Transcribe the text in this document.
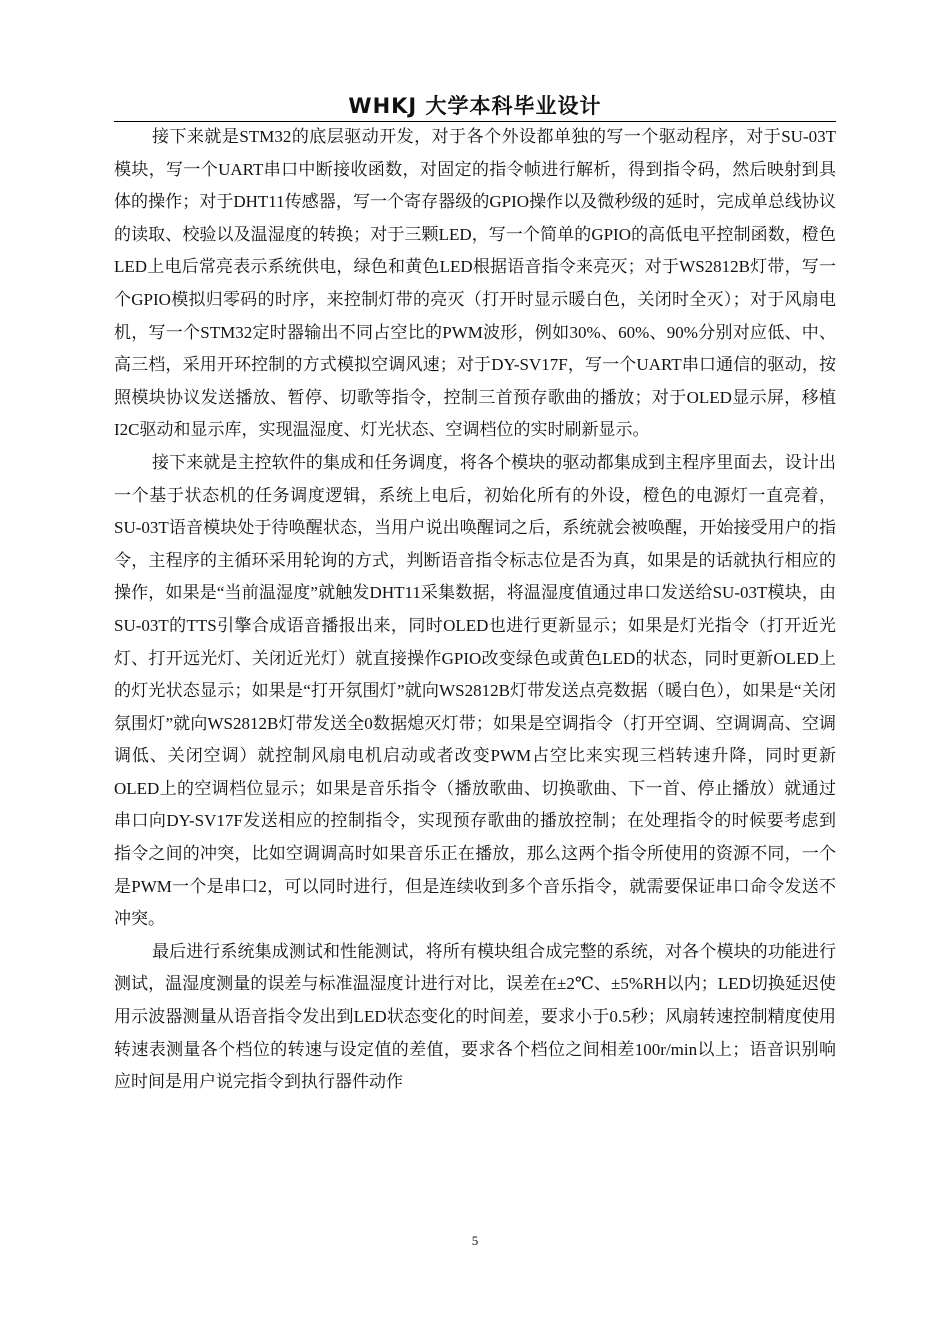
WHKJ 大学本科毕业设计

接下来就是STM32的底层驱动开发，对于各个外设都单独的写一个驱动程序，对于SU-03T模块，写一个UART串口中断接收函数，对固定的指令帧进行解析，得到指令码，然后映射到具体的操作；对于DHT11传感器，写一个寄存器级的GPIO操作以及微秒级的延时，完成单总线协议的读取、校验以及温湿度的转换；对于三颗LED，写一个简单的GPIO的高低电平控制函数，橙色LED上电后常亮表示系统供电，绿色和黄色LED根据语音指令来亮灭；对于WS2812B灯带，写一个GPIO模拟归零码的时序，来控制灯带的亮灭（打开时显示暖白色，关闭时全灭）；对于风扇电机，写一个STM32定时器输出不同占空比的PWM波形，例如30%、60%、90%分别对应低、中、高三档，采用开环控制的方式模拟空调风速；对于DY-SV17F，写一个UART串口通信的驱动，按照模块协议发送播放、暂停、切歌等指令，控制三首预存歌曲的播放；对于OLED显示屏，移植I2C驱动和显示库，实现温湿度、灯光状态、空调档位的实时刷新显示。

接下来就是主控软件的集成和任务调度，将各个模块的驱动都集成到主程序里面去，设计出一个基于状态机的任务调度逻辑，系统上电后，初始化所有的外设，橙色的电源灯一直亮着，SU-03T语音模块处于待唤醒状态，当用户说出唤醒词之后，系统就会被唤醒，开始接受用户的指令，主程序的主循环采用轮询的方式，判断语音指令标志位是否为真，如果是的话就执行相应的操作，如果是“当前温湿度”就触发DHT11采集数据，将温湿度值通过串口发送给SU-03T模块，由SU-03T的TTS引擎合成语音播报出来，同时OLED也进行更新显示；如果是灯光指令（打开近光灯、打开远光灯、关闭近光灯）就直接操作GPIO改变绿色或黄色LED的状态，同时更新OLED上的灯光状态显示；如果是“打开氛围灯”就向WS2812B灯带发送点亮数据（暖白色），如果是“关闭氛围灯”就向WS2812B灯带发送全0数据熄灭灯带；如果是空调指令（打开空调、空调调高、空调调低、关闭空调）就控制风扇电机启动或者改变PWM占空比来实现三档转速升降，同时更新OLED上的空调档位显示；如果是音乐指令（播放歌曲、切换歌曲、下一首、停止播放）就通过串口向DY-SV17F发送相应的控制指令，实现预存歌曲的播放控制；在处理指令的时候要考虑到指令之间的冲突，比如空调调高时如果音乐正在播放，那么这两个指令所使用的资源不同，一个是PWM一个是串口2，可以同时进行，但是连续收到多个音乐指令，就需要保证串口命令发送不冲突。

最后进行系统集成测试和性能测试，将所有模块组合成完整的系统，对各个模块的功能进行测试，温湿度测量的误差与标准温湿度计进行对比，误差在±2℃、±5%RH以内；LED切换延迟使用示波器测量从语音指令发出到LED状态变化的时间差，要求小于0.5秒；风扇转速控制精度使用转速表测量各个档位的转速与设定值的差值，要求各个档位之间相差100r/min以上；语音识别响应时间是用户说完指令到执行器件动作

5
